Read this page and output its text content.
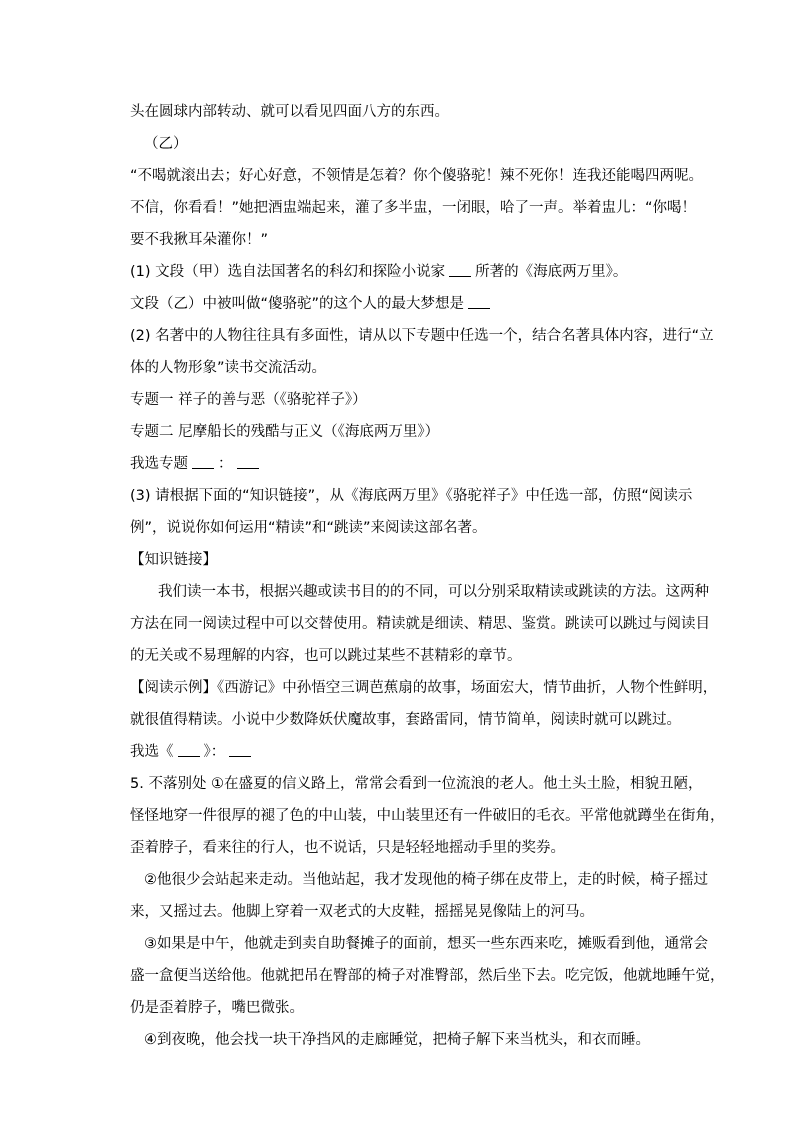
头在圆球内部转动、就可以看见四面八方的东西。
（乙）
“不喝就滚出去；好心好意，不领情是怎着？你个傻骆驼！辣不死你！连我还能喝四两呢。
不信，你看看！”她把酒盅端起来，灌了多半盅，一闭眼，哈了一声。举着盅儿：“你喝！
要不我揪耳朵灌你！”
(1) 文段（甲）选自法国著名的科幻和探险小说家 所著的《海底两万里》。
文段（乙）中被叫做“傻骆驼”的这个人的最大梦想是
(2) 名著中的人物往往具有多面性，请从以下专题中任选一个，结合名著具体内容，进行“立
体的人物形象”读书交流活动。
专题一 祥子的善与恶（《骆驼祥子》）
专题二 尼摩船长的残酷与正义（《海底两万里》）
我选专题 ：
(3) 请根据下面的“知识链接”，从《海底两万里》《骆驼祥子》中任选一部，仿照“阅读示
例”，说说你如何运用“精读”和“跳读”来阅读这部名著。
【知识链接】
我们读一本书，根据兴趣或读书目的的不同，可以分别采取精读或跳读的方法。这两种
方法在同一阅读过程中可以交替使用。精读就是细读、精思、鉴赏。跳读可以跳过与阅读目
的无关或不易理解的内容，也可以跳过某些不甚精彩的章节。
【阅读示例】《西游记》中孙悟空三调芭蕉扇的故事，场面宏大，情节曲折，人物个性鲜明，
就很值得精读。小说中少数降妖伏魔故事，套路雷同，情节简单，阅读时就可以跳过。
我选《 》：
5. 不落别处 ①在盛夏的信义路上，常常会看到一位流浪的老人。他土头土脸，相貌丑陋，
怪怪地穿一件很厚的褪了色的中山装，中山装里还有一件破旧的毛衣。平常他就蹲坐在街角，
歪着脖子，看来往的行人，也不说话，只是轻轻地摇动手里的奖券。
②他很少会站起来走动。当他站起，我才发现他的椅子绑在皮带上，走的时候，椅子摇过
来，又摇过去。他脚上穿着一双老式的大皮鞋，摇摇晃晃像陆上的河马。
③如果是中午，他就走到卖自助餐摊子的面前，想买一些东西来吃，摊贩看到他，通常会
盛一盒便当送给他。他就把吊在臀部的椅子对准臀部，然后坐下去。吃完饭，他就地睡午觉，
仍是歪着脖子，嘴巴微张。
④到夜晚，他会找一块干净挡风的走廊睡觉，把椅子解下来当枕头，和衣而睡。
